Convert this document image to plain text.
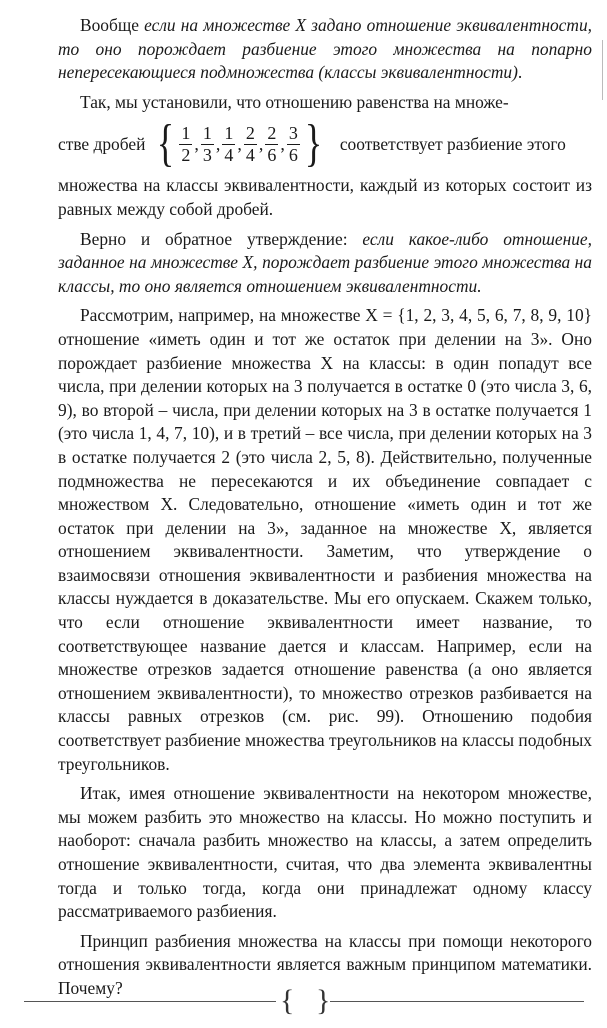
Вообще если на множестве X задано отношение эквивалентности, то оно порождает разбиение этого множества на попарно непересекающиеся подмножества (классы эквивалентности).

Так, мы установили, что отношению равенства на множе-
стве дробей { $\frac{1}{2}$ , $\frac{1}{3}$ , $\frac{1}{4}$ , $\frac{2}{4}$ , $\frac{2}{6}$ , $\frac{3}{6}$ } соответствует разбиение этого

множества на классы эквивалентности, каждый из которых состоит из равных между собой дробей.

Верно и обратное утверждение: если какое-либо отношение, заданное на множестве X, порождает разбиение этого множества на классы, то оно является отношением эквивалентности.

Рассмотрим, например, на множестве X = {1, 2, 3, 4, 5, 6, 7, 8, 9, 10} отношение «иметь один и тот же остаток при делении на 3». Оно порождает разбиение множества X на классы: в один попадут все числа, при делении которых на 3 получается в остатке 0 (это числа 3, 6, 9), во второй – числа, при делении которых на 3 в остатке получается 1 (это числа 1, 4, 7, 10), и в третий – все числа, при делении которых на 3 в остатке получается 2 (это числа 2, 5, 8). Действительно, полученные подмножества не пересекаются и их объединение совпадает с множеством X. Следовательно, отношение «иметь один и тот же остаток при делении на 3», заданное на множестве X, является отношением эквивалентности. Заметим, что утверждение о взаимосвязи отношения эквивалентности и разбиения множества на классы нуждается в доказательстве. Мы его опускаем. Скажем только, что если отношение эквивалентности имеет название, то соответствующее название дается и классам. Например, если на множестве отрезков задается отношение равенства (а оно является отношением эквивалентности), то множество отрезков разбивается на классы равных отрезков (см. рис. 99). Отношению подобия соответствует разбиение множества треугольников на классы подобных треугольников.

Итак, имея отношение эквивалентности на некотором множестве, мы можем разбить это множество на классы. Но можно поступить и наоборот: сначала разбить множество на классы, а затем определить отношение эквивалентности, считая, что два элемента эквивалентны тогда и только тогда, когда они принадлежат одному классу рассматриваемого разбиения.

Принцип разбиения множества на классы при помощи некоторого отношения эквивалентности является важным принципом математики. Почему?	{ }
